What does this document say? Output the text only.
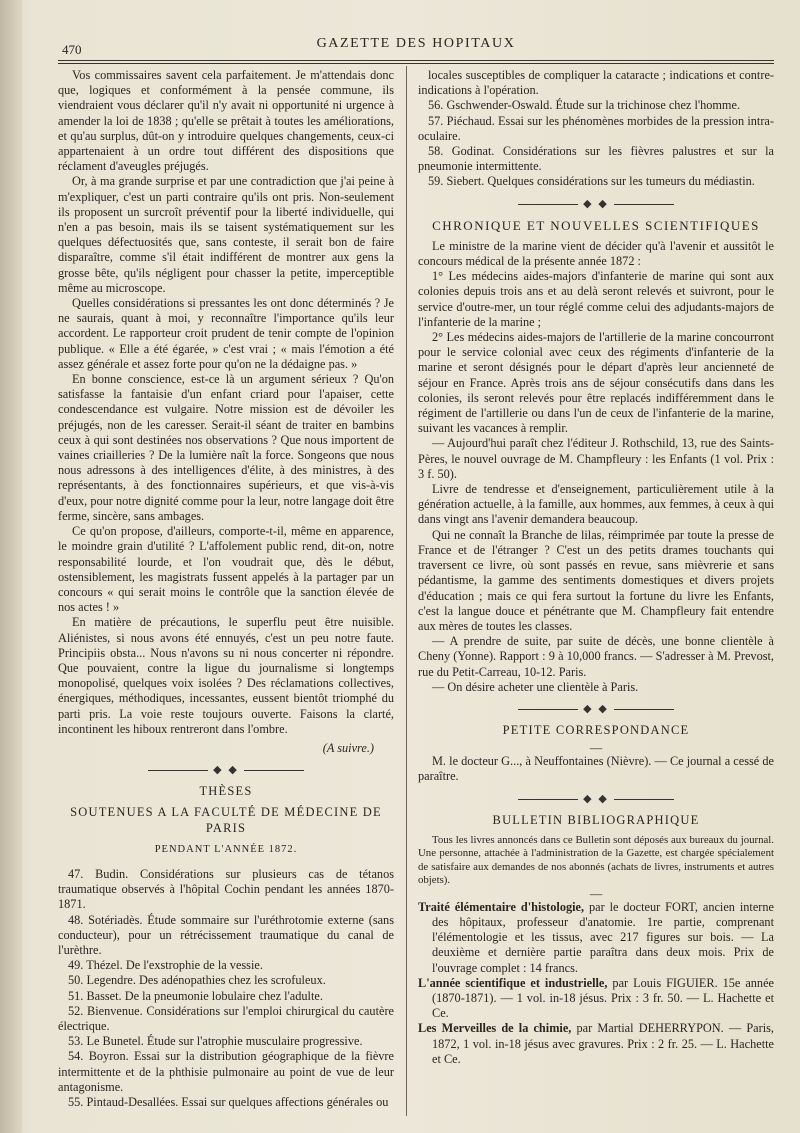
470	GAZETTE DES HOPITAUX

Vos commissaires savent cela parfaitement. Je m'attendais donc que, logiques et conformément à la pensée commune, ils viendraient vous déclarer qu'il n'y avait ni opportunité ni urgence à amender la loi de 1838 ; qu'elle se prêtait à toutes les améliorations, et qu'au surplus, dût-on y introduire quelques changements, ceux-ci appartenaient à un ordre tout différent des dispositions que réclament d'aveugles préjugés.

Or, à ma grande surprise et par une contradiction que j'ai peine à m'expliquer, c'est un parti contraire qu'ils ont pris. Non-seulement ils proposent un surcroît préventif pour la liberté individuelle, qui n'en a pas besoin, mais ils se taisent systématiquement sur les quelques défectuosités que, sans conteste, il serait bon de faire disparaître, comme s'il était indifférent de montrer aux gens la grosse bête, qu'ils négligent pour chasser la petite, imperceptible même au microscope.

Quelles considérations si pressantes les ont donc déterminés ? Je ne saurais, quant à moi, y reconnaître l'importance qu'ils leur accordent. Le rapporteur croit prudent de tenir compte de l'opinion publique. « Elle a été égarée, » c'est vrai ; « mais l'émotion a été assez générale et assez forte pour qu'on ne la dédaigne pas. »

En bonne conscience, est-ce là un argument sérieux ? Qu'on satisfasse la fantaisie d'un enfant criard pour l'apaiser, cette condescendance est vulgaire. Notre mission est de dévoiler les préjugés, non de les caresser. Serait-il séant de traiter en bambins ceux à qui sont destinées nos observations ? Que nous importent de vaines criailleries ? De la lumière naît la force. Songeons que nous nous adressons à des intelligences d'élite, à des ministres, à des représentants, à des fonctionnaires supérieurs, et que vis-à-vis d'eux, pour notre dignité comme pour la leur, notre langage doit être ferme, sincère, sans ambages.

Ce qu'on propose, d'ailleurs, comporte-t-il, même en apparence, le moindre grain d'utilité ? L'affolement public rend, dit-on, notre responsabilité lourde, et l'on voudrait que, dès le début, ostensiblement, les magistrats fussent appelés à la partager par un concours « qui serait moins le contrôle que la sanction élevée de nos actes ! »

En matière de précautions, le superflu peut être nuisible. Aliénistes, si nous avons été ennuyés, c'est un peu notre faute. Principiis obsta... Nous n'avons su ni nous concerter ni répondre. Que pouvaient, contre la ligue du journalisme si longtemps monopolisé, quelques voix isolées ? Des réclamations collectives, énergiques, méthodiques, incessantes, eussent bientôt triomphé du parti pris. La voie reste toujours ouverte. Faisons la clarté, incontinent les hiboux rentreront dans l'ombre.

(A suivre.)
◆ ◆
THÈSES
SOUTENUES A LA FACULTÉ DE MÉDECINE DE PARIS
PENDANT L'ANNÉE 1872.

47. Budin. Considérations sur plusieurs cas de tétanos traumatique observés à l'hôpital Cochin pendant les années 1870-1871.

48. Sotériadès. Étude sommaire sur l'uréthrotomie externe (sans conducteur), pour un rétrécissement traumatique du canal de l'urèthre.

49. Thézel. De l'exstrophie de la vessie.

50. Legendre. Des adénopathies chez les scrofuleux.

51. Basset. De la pneumonie lobulaire chez l'adulte.

52. Bienvenue. Considérations sur l'emploi chirurgical du cautère électrique.

53. Le Bunetel. Étude sur l'atrophie musculaire progressive.

54. Boyron. Essai sur la distribution géographique de la fièvre intermittente et de la phthisie pulmonaire au point de vue de leur antagonisme.

55. Pintaud-Desallées. Essai sur quelques affections générales ou

locales susceptibles de compliquer la cataracte ; indications et contre-indications à l'opération.

56. Gschwender-Oswald. Étude sur la trichinose chez l'homme.

57. Piéchaud. Essai sur les phénomènes morbides de la pression intra-oculaire.

58. Godinat. Considérations sur les fièvres palustres et sur la pneumonie intermittente.

59. Siebert. Quelques considérations sur les tumeurs du médiastin.

◆ ◆
CHRONIQUE ET NOUVELLES SCIENTIFIQUES

Le ministre de la marine vient de décider qu'à l'avenir et aussitôt le concours médical de la présente année 1872 :

1° Les médecins aides-majors d'infanterie de marine qui sont aux colonies depuis trois ans et au delà seront relevés et suivront, pour le service d'outre-mer, un tour réglé comme celui des adjudants-majors de l'infanterie de la marine ;

2° Les médecins aides-majors de l'artillerie de la marine concourront pour le service colonial avec ceux des régiments d'infanterie de la marine et seront désignés pour le départ d'après leur ancienneté de séjour en France. Après trois ans de séjour consécutifs dans dans les colonies, ils seront relevés pour être replacés indifféremment dans le régiment de l'artillerie ou dans l'un de ceux de l'infanterie de la marine, suivant les vacances à remplir.

— Aujourd'hui paraît chez l'éditeur J. Rothschild, 13, rue des Saints-Pères, le nouvel ouvrage de M. Champfleury : les Enfants (1 vol. Prix : 3 f. 50).

Livre de tendresse et d'enseignement, particulièrement utile à la génération actuelle, à la famille, aux hommes, aux femmes, à ceux à qui dans vingt ans l'avenir demandera beaucoup.

Qui ne connaît la Branche de lilas, réimprimée par toute la presse de France et de l'étranger ? C'est un des petits drames touchants qui traversent ce livre, où sont passés en revue, sans mièvrerie et sans pédantisme, la gamme des sentiments domestiques et divers projets d'éducation ; mais ce qui fera surtout la fortune du livre les Enfants, c'est la langue douce et pénétrante que M. Champfleury fait entendre aux mères de toutes les classes.

— A prendre de suite, par suite de décès, une bonne clientèle à Cheny (Yonne). Rapport : 9 à 10,000 francs. — S'adresser à M. Prevost, rue du Petit-Carreau, 10-12. Paris.

— On désire acheter une clientèle à Paris.

◆ ◆
PETITE CORRESPONDANCE
—

M. le docteur G..., à Neuffontaines (Nièvre). — Ce journal a cessé de paraître.

◆ ◆
BULLETIN BIBLIOGRAPHIQUE

Tous les livres annoncés dans ce Bulletin sont déposés aux bureaux du journal. Une personne, attachée à l'administration de la Gazette, est chargée spécialement de satisfaire aux demandes de nos abonnés (achats de livres, instruments et autres objets).

—

Traité élémentaire d'histologie, par le docteur FORT, ancien interne des hôpitaux, professeur d'anatomie. 1re partie, comprenant l'élémentologie et les tissus, avec 217 figures sur bois. — La deuxième et dernière partie paraîtra dans deux mois. Prix de l'ouvrage complet : 14 francs.

L'année scientifique et industrielle, par Louis FIGUIER. 15e année (1870-1871). — 1 vol. in-18 jésus. Prix : 3 fr. 50. — L. Hachette et Ce.

Les Merveilles de la chimie, par Martial DEHERRYPON. — Paris, 1872, 1 vol. in-18 jésus avec gravures. Prix : 2 fr. 25. — L. Hachette et Ce.
